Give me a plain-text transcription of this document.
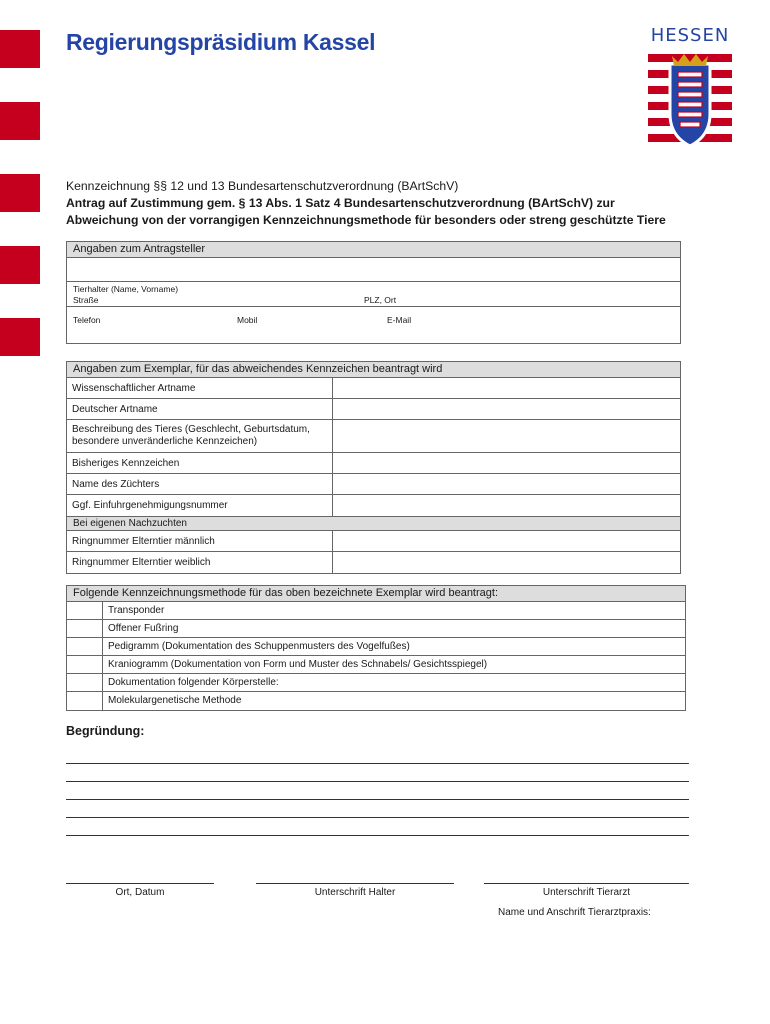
Regierungspräsidium Kassel	HESSEN
Kennzeichnung §§ 12 und 13 Bundesartenschutzverordnung (BArtSchV)
Antrag auf Zustimmung gem. § 13 Abs. 1 Satz 4 Bundesartenschutzverordnung (BArtSchV) zur
Abweichung von der vorrangigen Kennzeichnungsmethode für besonders oder streng geschützte Tiere
Angaben zum Antragsteller
Tierhalter (Name, Vorname)
Straße	PLZ, Ort
Telefon	Mobil	E-Mail
Angaben zum Exemplar, für das abweichendes Kennzeichen beantragt wird
Wissenschaftlicher Artname
Deutscher Artname
Beschreibung des Tieres (Geschlecht, Geburtsdatum, besondere unveränderliche Kennzeichen)
Bisheriges Kennzeichen
Name des Züchters
Ggf. Einfuhrgenehmigungsnummer
Bei eigenen Nachzuchten
Ringnummer Elterntier männlich
Ringnummer Elterntier weiblich
Folgende Kennzeichnungsmethode für das oben bezeichnete Exemplar wird beantragt:
Transponder
Offener Fußring
Pedigramm (Dokumentation des Schuppenmusters des Vogelfußes)
Kraniogramm (Dokumentation von Form und Muster des Schnabels/ Gesichtsspiegel)
Dokumentation folgender Körperstelle:
Molekulargenetische Methode
Begründung:
Ort, Datum	Unterschrift Halter	Unterschrift Tierarzt
Name und Anschrift Tierarztpraxis:
